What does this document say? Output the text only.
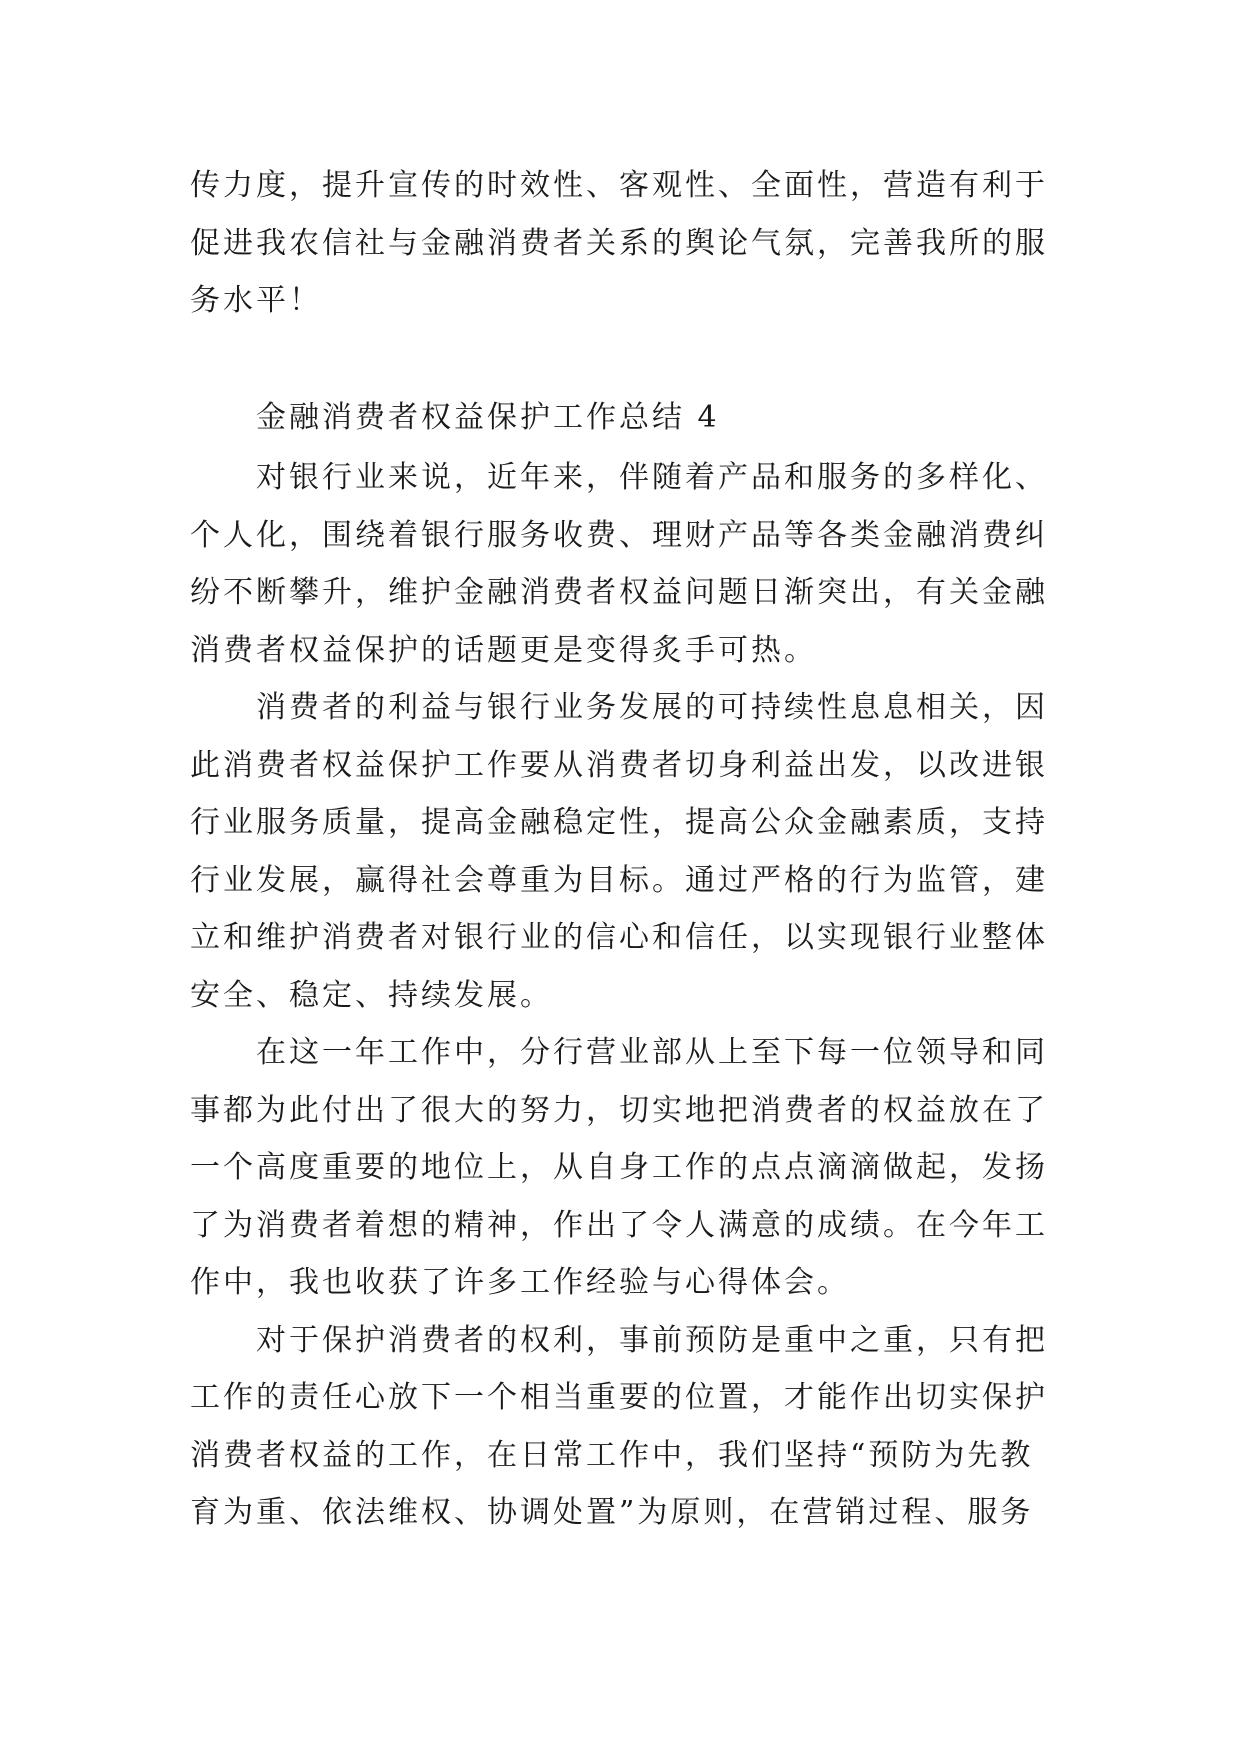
传力度，提升宣传的时效性、客观性、全面性，营造有利于
促进我农信社与金融消费者关系的舆论气氛，完善我所的服
务水平！
金融消费者权益保护工作总结 4
对银行业来说，近年来，伴随着产品和服务的多样化、
个人化，围绕着银行服务收费、理财产品等各类金融消费纠
纷不断攀升，维护金融消费者权益问题日渐突出，有关金融
消费者权益保护的话题更是变得炙手可热。
消费者的利益与银行业务发展的可持续性息息相关，因
此消费者权益保护工作要从消费者切身利益出发，以改进银
行业服务质量，提高金融稳定性，提高公众金融素质，支持
行业发展，赢得社会尊重为目标。通过严格的行为监管，建
立和维护消费者对银行业的信心和信任，以实现银行业整体
安全、稳定、持续发展。
在这一年工作中，分行营业部从上至下每一位领导和同
事都为此付出了很大的努力，切实地把消费者的权益放在了
一个高度重要的地位上，从自身工作的点点滴滴做起，发扬
了为消费者着想的精神，作出了令人满意的成绩。在今年工
作中，我也收获了许多工作经验与心得体会。
对于保护消费者的权利，事前预防是重中之重，只有把
工作的责任心放下一个相当重要的位置，才能作出切实保护
消费者权益的工作，在日常工作中，我们坚持“预防为先教
育为重、依法维权、协调处置”为原则，在营销过程、服务
